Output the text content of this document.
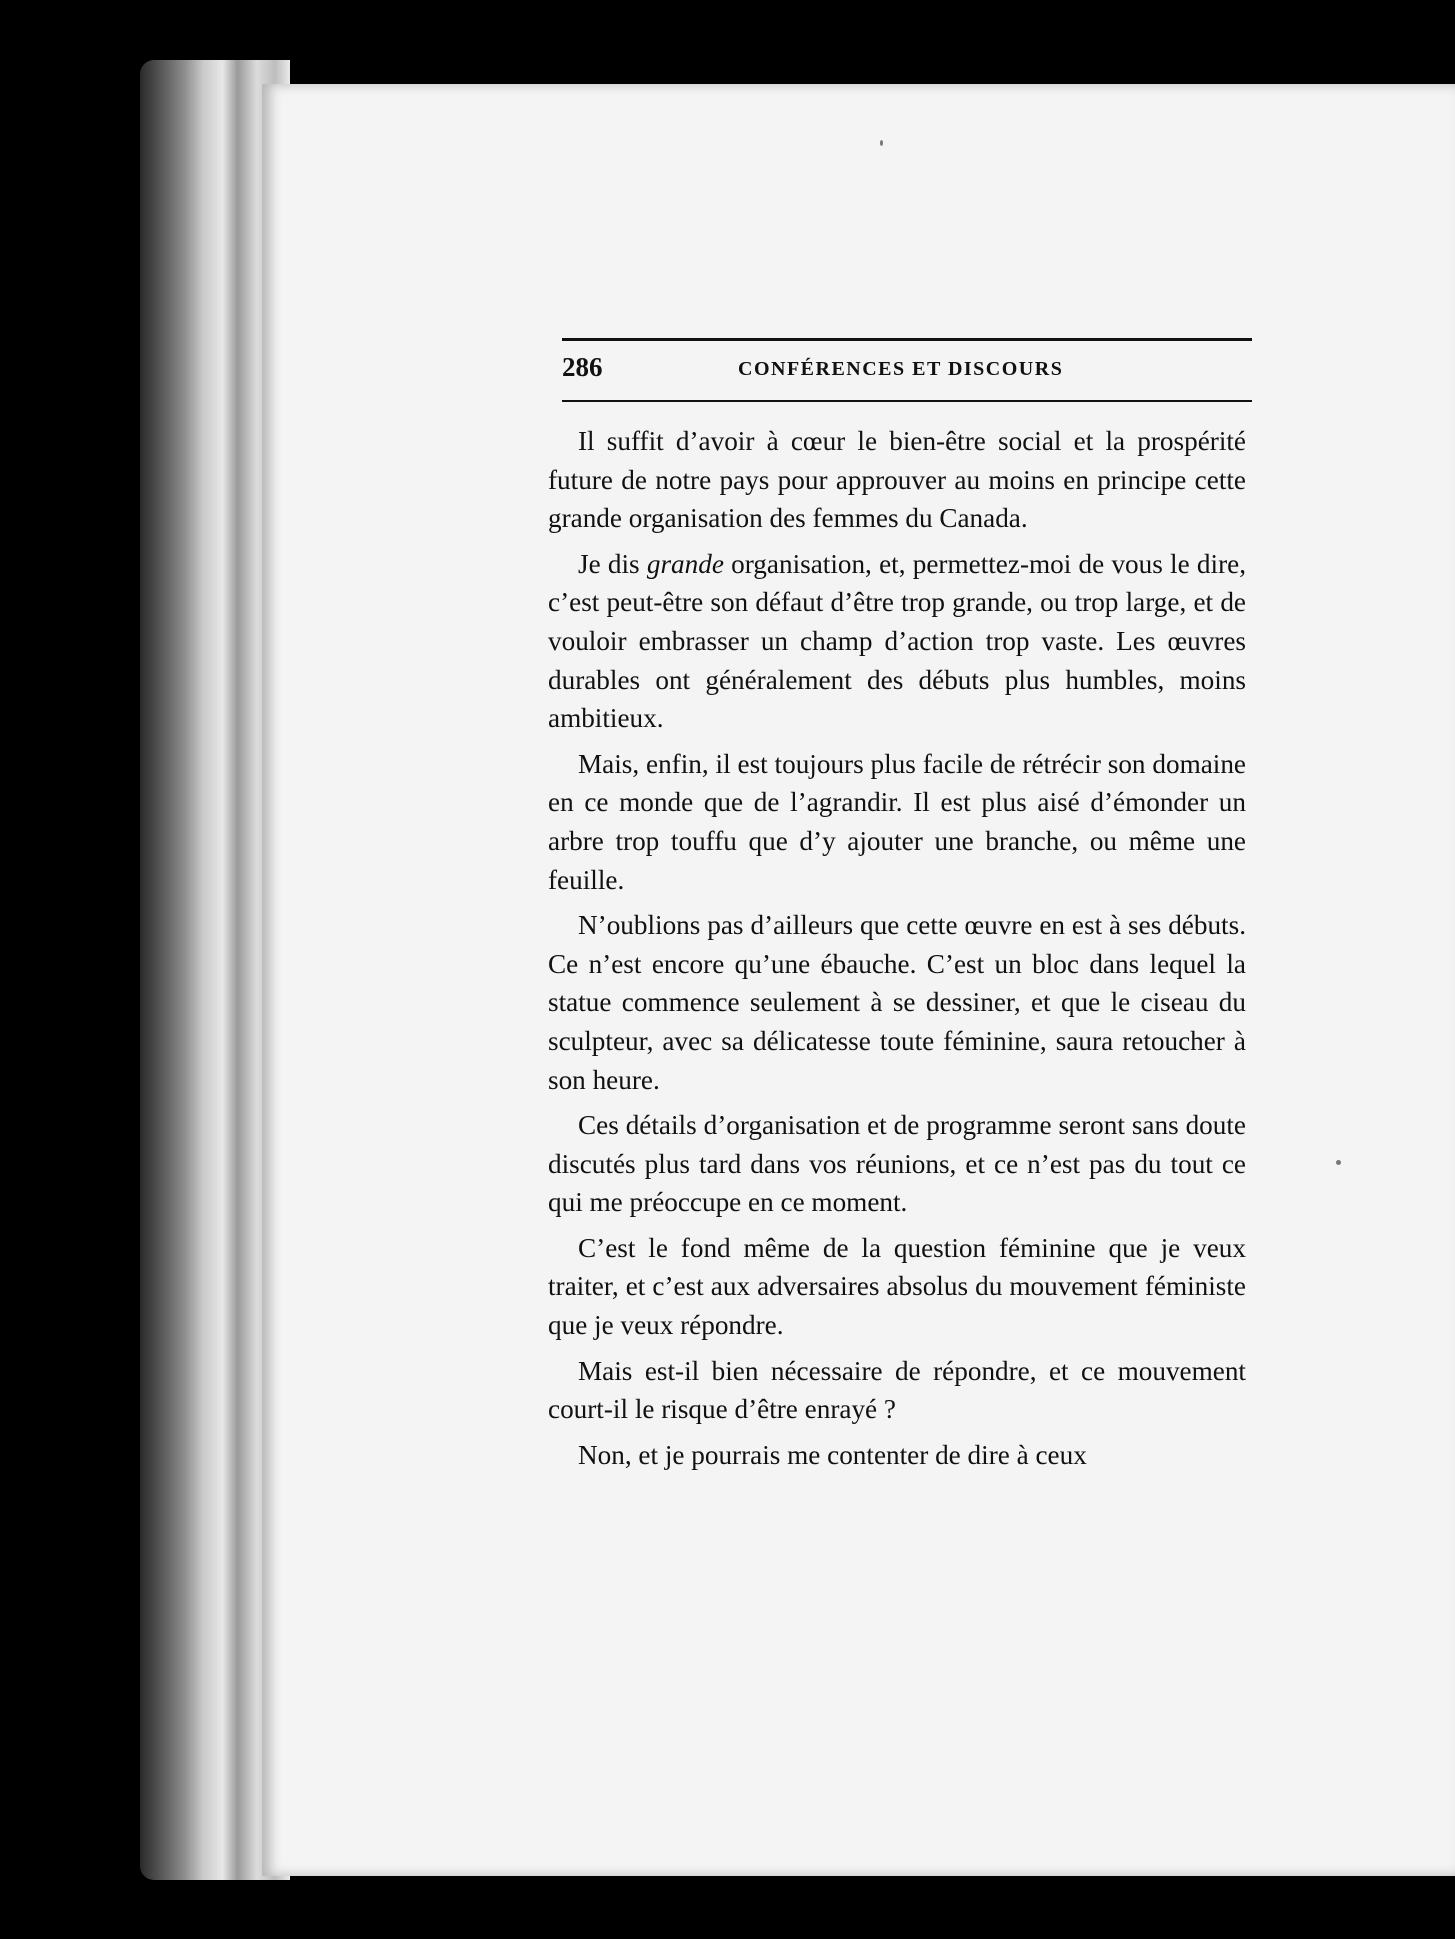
286	CONFÉRENCES ET DISCOURS

Il suffit d’avoir à cœur le bien-être social et la prospérité future de notre pays pour approuver au moins en principe cette grande organisation des femmes du Canada.

Je dis grande organisation, et, permettez-moi de vous le dire, c’est peut-être son défaut d’être trop grande, ou trop large, et de vouloir embrasser un champ d’action trop vaste. Les œuvres durables ont généralement des débuts plus humbles, moins ambitieux.

Mais, enfin, il est toujours plus facile de rétrécir son domaine en ce monde que de l’agrandir. Il est plus aisé d’émonder un arbre trop touffu que d’y ajouter une branche, ou même une feuille.

N’oublions pas d’ailleurs que cette œuvre en est à ses débuts. Ce n’est encore qu’une ébauche. C’est un bloc dans lequel la statue commence seulement à se dessiner, et que le ciseau du sculpteur, avec sa délicatesse toute féminine, saura retoucher à son heure.

Ces détails d’organisation et de programme seront sans doute discutés plus tard dans vos réunions, et ce n’est pas du tout ce qui me préoccupe en ce moment.

C’est le fond même de la question féminine que je veux traiter, et c’est aux adversaires absolus du mouvement féministe que je veux répondre.

Mais est-il bien nécessaire de répondre, et ce mouvement court-il le risque d’être enrayé ?

Non, et je pourrais me contenter de dire à ceux
